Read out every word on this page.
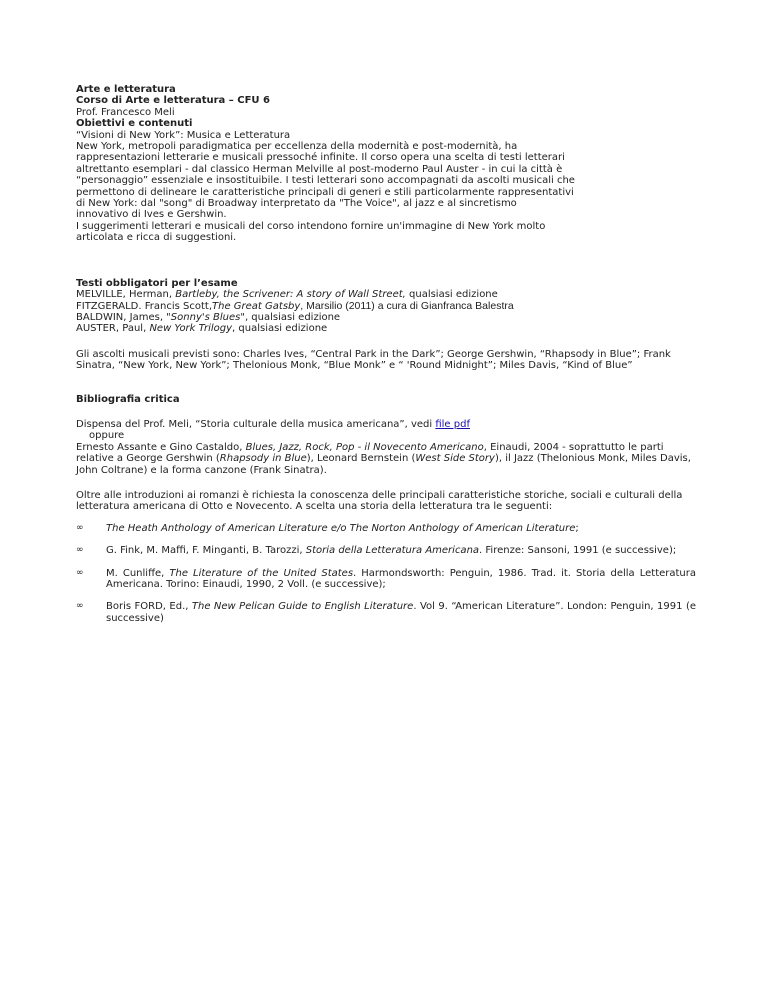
Arte e letteratura
Corso di Arte e letteratura – CFU 6
Prof. Francesco Meli
Obiettivi e contenuti
“Visioni di New York”: Musica e Letteratura
New York, metropoli paradigmatica per eccellenza della modernità e post-modernità, ha
rappresentazioni letterarie e musicali pressoché infinite. Il corso opera una scelta di testi letterari
altrettanto esemplari - dal classico Herman Melville al post-moderno Paul Auster - in cui la città è
“personaggio” essenziale e insostituibile. I testi letterari sono accompagnati da ascolti musicali che
permettono di delineare le caratteristiche principali di generi e stili particolarmente rappresentativi
di New York: dal "song" di Broadway interpretato da "The Voice", al jazz e al sincretismo
innovativo di Ives e Gershwin.
I suggerimenti letterari e musicali del corso intendono fornire un'immagine di New York molto
articolata e ricca di suggestioni.
Testi obbligatori per l’esame
MELVILLE, Herman, Bartleby, the Scrivener: A story of Wall Street, qualsiasi edizione
FITZGERALD. Francis Scott,The Great Gatsby, Marsilio (2011) a cura di Gianfranca Balestra
BALDWIN, James, "Sonny's Blues", qualsiasi edizione
AUSTER, Paul, New York Trilogy, qualsiasi edizione
Gli ascolti musicali previsti sono: Charles Ives, “Central Park in the Dark”; George Gershwin, “Rhapsody in Blue”; Frank Sinatra, “New York, New York”; Thelonious Monk, “Blue Monk” e “ 'Round Midnight”; Miles Davis, “Kind of Blue”
Bibliografia critica
Dispensa del Prof. Meli, “Storia culturale della musica americana”, vedi file pdf
oppure
Ernesto Assante e Gino Castaldo, Blues, Jazz, Rock, Pop - il Novecento Americano, Einaudi, 2004 - soprattutto le parti relative a George Gershwin (Rhapsody in Blue), Leonard Bernstein (West Side Story), il Jazz (Thelonious Monk, Miles Davis, John Coltrane) e la forma canzone (Frank Sinatra).
Oltre alle introduzioni ai romanzi è richiesta la conoscenza delle principali caratteristiche storiche, sociali e culturali della letteratura americana di Otto e Novecento. A scelta una storia della letteratura tra le seguenti:
∞ The Heath Anthology of American Literature e/o The Norton Anthology of American Literature;
∞ G. Fink, M. Maffi, F. Minganti, B. Tarozzi, Storia della Letteratura Americana. Firenze: Sansoni, 1991 (e successive);
∞ M. Cunliffe, The Literature of the United States. Harmondsworth: Penguin, 1986. Trad. it. Storia della Letteratura Americana. Torino: Einaudi, 1990, 2 Voll. (e successive);
∞ Boris FORD, Ed., The New Pelican Guide to English Literature. Vol 9. “American Literature”. London: Penguin, 1991 (e successive)
